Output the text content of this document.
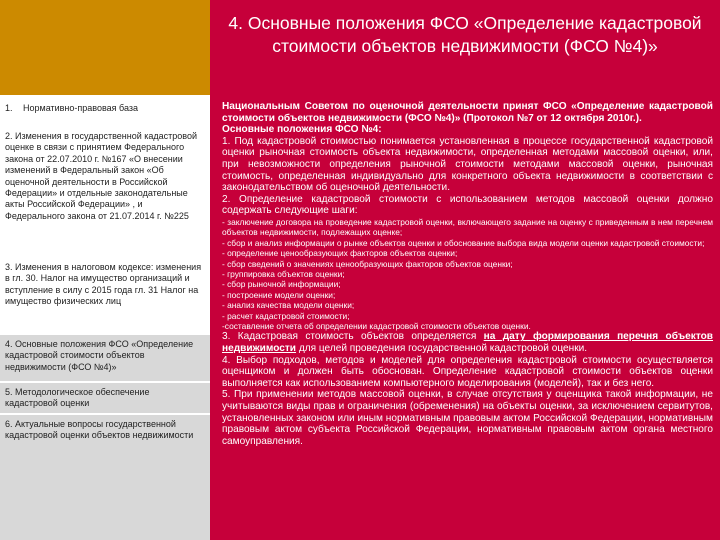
4. Основные положения ФСО «Определение кадастровой стоимости объектов недвижимости (ФСО №4)»
1. Нормативно-правовая база
2. Изменения в государственной кадастровой оценке в связи с принятием Федерального закона от 22.07.2010 г. №167 «О внесении изменений в Федеральный закон «Об оценочной деятельности в Российской Федерации» и отдельные законодательные акты Российской Федерации» , и Федерального закона от 21.07.2014 г. №225
3. Изменения в налоговом кодексе: изменения в гл. 30. Налог на имущество организаций и вступление в силу с 2015 года гл. 31 Налог на имущество физических лиц
4. Основные положения ФСО «Определение кадастровой стоимости объектов недвижимости (ФСО №4)»
5. Методологическое обеспечение кадастровой оценки
6. Актуальные вопросы государственной кадастровой оценки объектов недвижимости

Национальным Советом по оценочной деятельности принят ФСО «Определение кадастровой стоимости объектов недвижимости (ФСО №4)» (Протокол №7 от 12 октября 2010г.).

Основные положения ФСО №4:

1. Под кадастровой стоимостью понимается установленная в процессе государственной кадастровой оценки рыночная стоимость объекта недвижимости, определенная методами массовой оценки, или, при невозможности определения рыночной стоимости методами массовой оценки, рыночная стоимость, определенная индивидуально для конкретного объекта недвижимости в соответствии с законодательством об оценочной деятельности.

2. Определение кадастровой стоимости с использованием методов массовой оценки должно содержать следующие шаги:

- заключение договора на проведение кадастровой оценки, включающего задание на оценку с приведенным в нем перечнем объектов недвижимости, подлежащих оценке;

- сбор и анализ информации о рынке объектов оценки и обоснование выбора вида модели оценки кадастровой стоимости;

- определение ценообразующих факторов объектов оценки;

- сбор сведений о значениях ценообразующих факторов объектов оценки;

- группировка объектов оценки;

- сбор рыночной информации;

- построение модели оценки;

- анализ качества модели оценки;

- расчет кадастровой стоимости;

-составление отчета об определении кадастровой стоимости объектов оценки.

3. Кадастровая стоимость объектов определяется на дату формирования перечня объектов недвижимости для целей проведения государственной кадастровой оценки.

4. Выбор подходов, методов и моделей для определения кадастровой стоимости осуществляется оценщиком и должен быть обоснован. Определение кадастровой стоимости объектов оценки выполняется как использованием компьютерного моделирования (моделей), так и без него.

5. При применении методов массовой оценки, в случае отсутствия у оценщика такой информации, не учитываются виды прав и ограничения (обременения) на объекты оценки, за исключением сервитутов, установленных законом или иным нормативным правовым актом Российской Федерации, нормативным правовым актом субъекта Российской Федерации, нормативным правовым актом органа местного самоуправления.
